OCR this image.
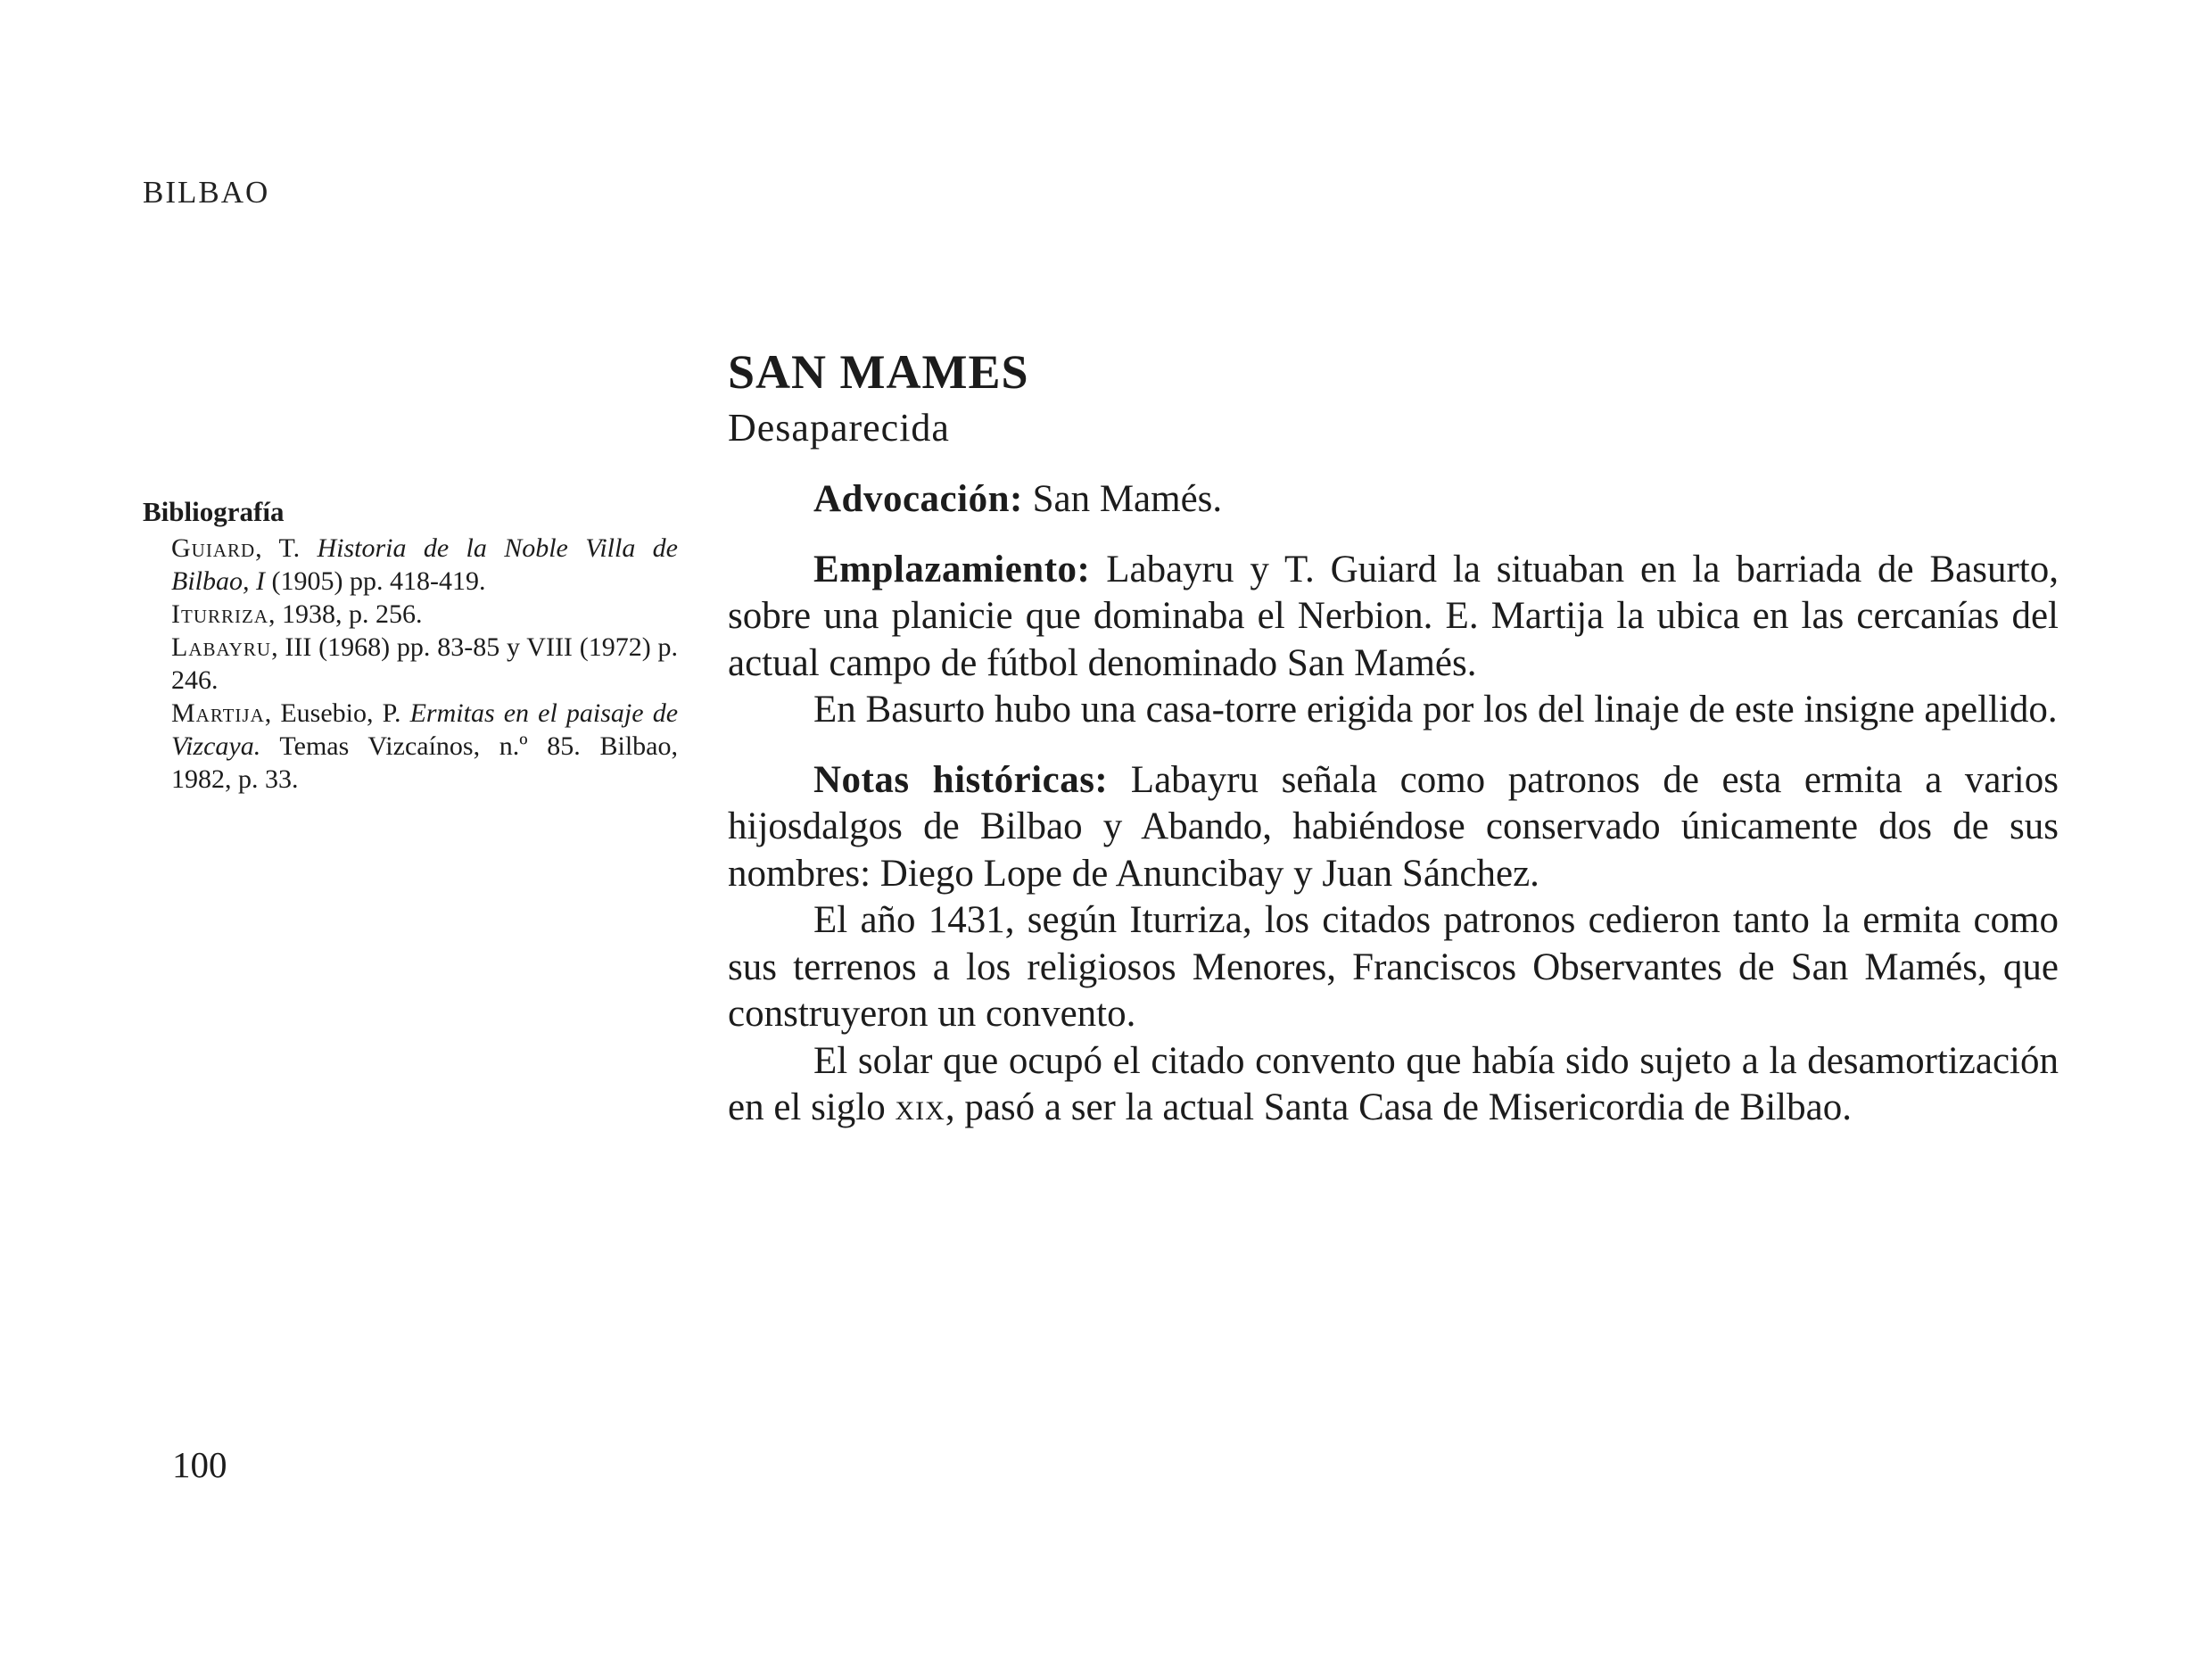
BILBAO
SAN MAMES
Desaparecida
Bibliografía
Guiard, T. Historia de la Noble Villa de Bilbao, I (1905) pp. 418-419.
Iturriza, 1938, p. 256.
Labayru, III (1968) pp. 83-85 y VIII (1972) p. 246.
Martija, Eusebio, P. Ermitas en el paisaje de Vizcaya. Temas Vizcaínos, n.º 85. Bilbao, 1982, p. 33.

Advocación: San Mamés.

Emplazamiento: Labayru y T. Guiard la situaban en la barriada de Basurto, sobre una planicie que dominaba el Nerbion. E. Martija la ubica en las cercanías del actual campo de fútbol denominado San Mamés.

En Basurto hubo una casa-torre erigida por los del linaje de este insigne apellido.

Notas históricas: Labayru señala como patronos de esta ermita a varios hijosdalgos de Bilbao y Abando, habiéndose conservado únicamente dos de sus nombres: Diego Lope de Anuncibay y Juan Sánchez.

El año 1431, según Iturriza, los citados patronos cedieron tanto la ermita como sus terrenos a los religiosos Menores, Franciscos Observantes de San Mamés, que construyeron un convento.

El solar que ocupó el citado convento que había sido sujeto a la desamortización en el siglo xix, pasó a ser la actual Santa Casa de Misericordia de Bilbao.

100
